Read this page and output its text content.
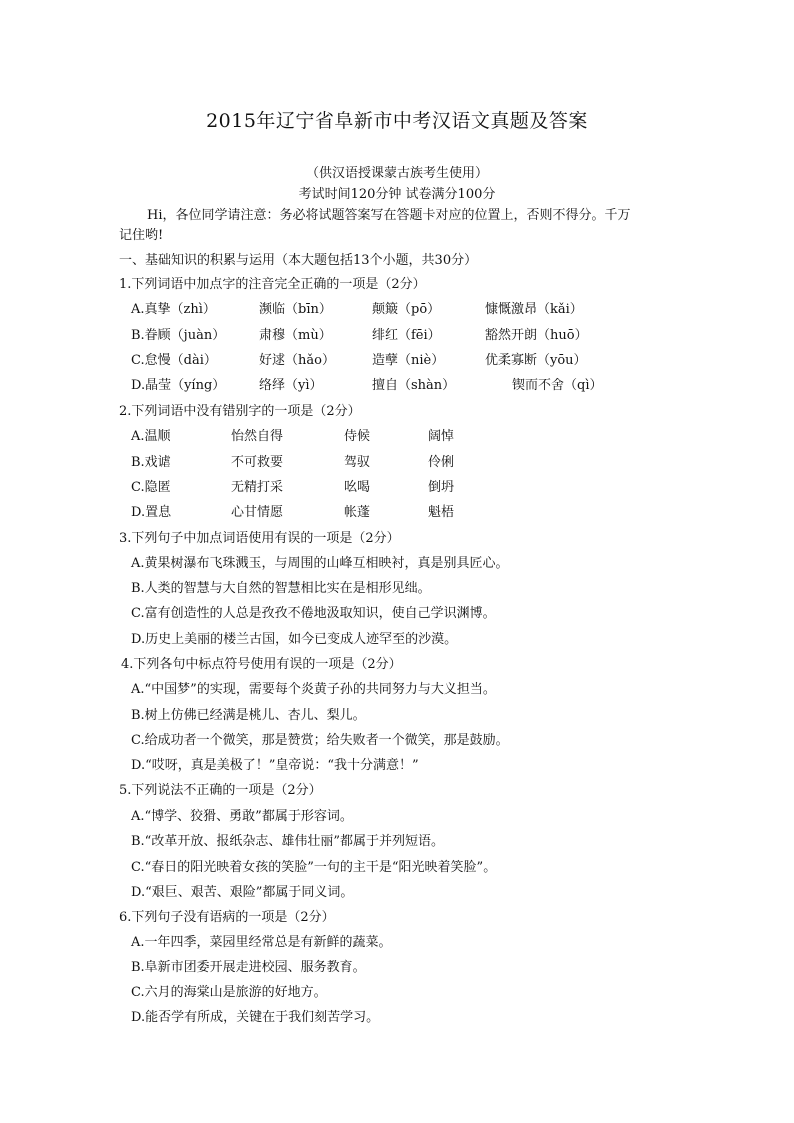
2015年辽宁省阜新市中考汉语文真题及答案
（供汉语授课蒙古族考生使用）
考试时间120分钟 试卷满分100分
Hi，各位同学请注意：务必将试题答案写在答题卡对应的位置上，否则不得分。千万
记住哟!
一、基础知识的积累与运用（本大题包括13个小题，共30分）
1.下列词语中加点字的注音完全正确的一项是（2分）
A.真挚（zhì）	濒临（bīn）	颠簸（pō）	慷慨激昂（kǎi）
B.眷顾（juàn）	肃穆（mù）	绯红（fēi）	豁然开朗（huō）
C.怠慢（dài）	好逑（hǎo）	造孽（niè）	优柔寡断（yōu）
D.晶莹（yíng）	络绎（yì）	擅自（shàn）	锲而不舍（qì）
2.下列词语中没有错别字的一项是（2分）
A.温顺	怡然自得	侍候	阔悼
B.戏谑	不可救要	驾驭	伶俐
C.隐匿	无精打采	吆喝	倒坍
D.置息	心甘情愿	帐蓬	魁梧
3.下列句子中加点词语使用有误的一项是（2分）
A.黄果树瀑布飞珠溅玉，与周围的山峰互相映衬，真是别具匠心。
B.人类的智慧与大自然的智慧相比实在是相形见绌。
C.富有创造性的人总是孜孜不倦地汲取知识，使自己学识渊博。
D.历史上美丽的楼兰古国，如今已变成人迹罕至的沙漠。
4.下列各句中标点符号使用有误的一项是（2分）
A.“中国梦”的实现，需要每个炎黄子孙的共同努力与大义担当。
B.树上仿佛已经满是桃儿、杏儿、梨儿。
C.给成功者一个微笑，那是赞赏；给失败者一个微笑，那是鼓励。
D.“哎呀，真是美极了！”皇帝说：“我十分满意！”
5.下列说法不正确的一项是（2分）
A.“博学、狡猾、勇敢”都属于形容词。
B.“改革开放、报纸杂志、雄伟壮丽”都属于并列短语。
C.“春日的阳光映着女孩的笑脸”一句的主干是“阳光映着笑脸”。
D.“艰巨、艰苦、艰险”都属于同义词。
6.下列句子没有语病的一项是（2分）
A.一年四季，菜园里经常总是有新鲜的蔬菜。
B.阜新市团委开展走进校园、服务教育。
C.六月的海棠山是旅游的好地方。
D.能否学有所成，关键在于我们刻苦学习。
